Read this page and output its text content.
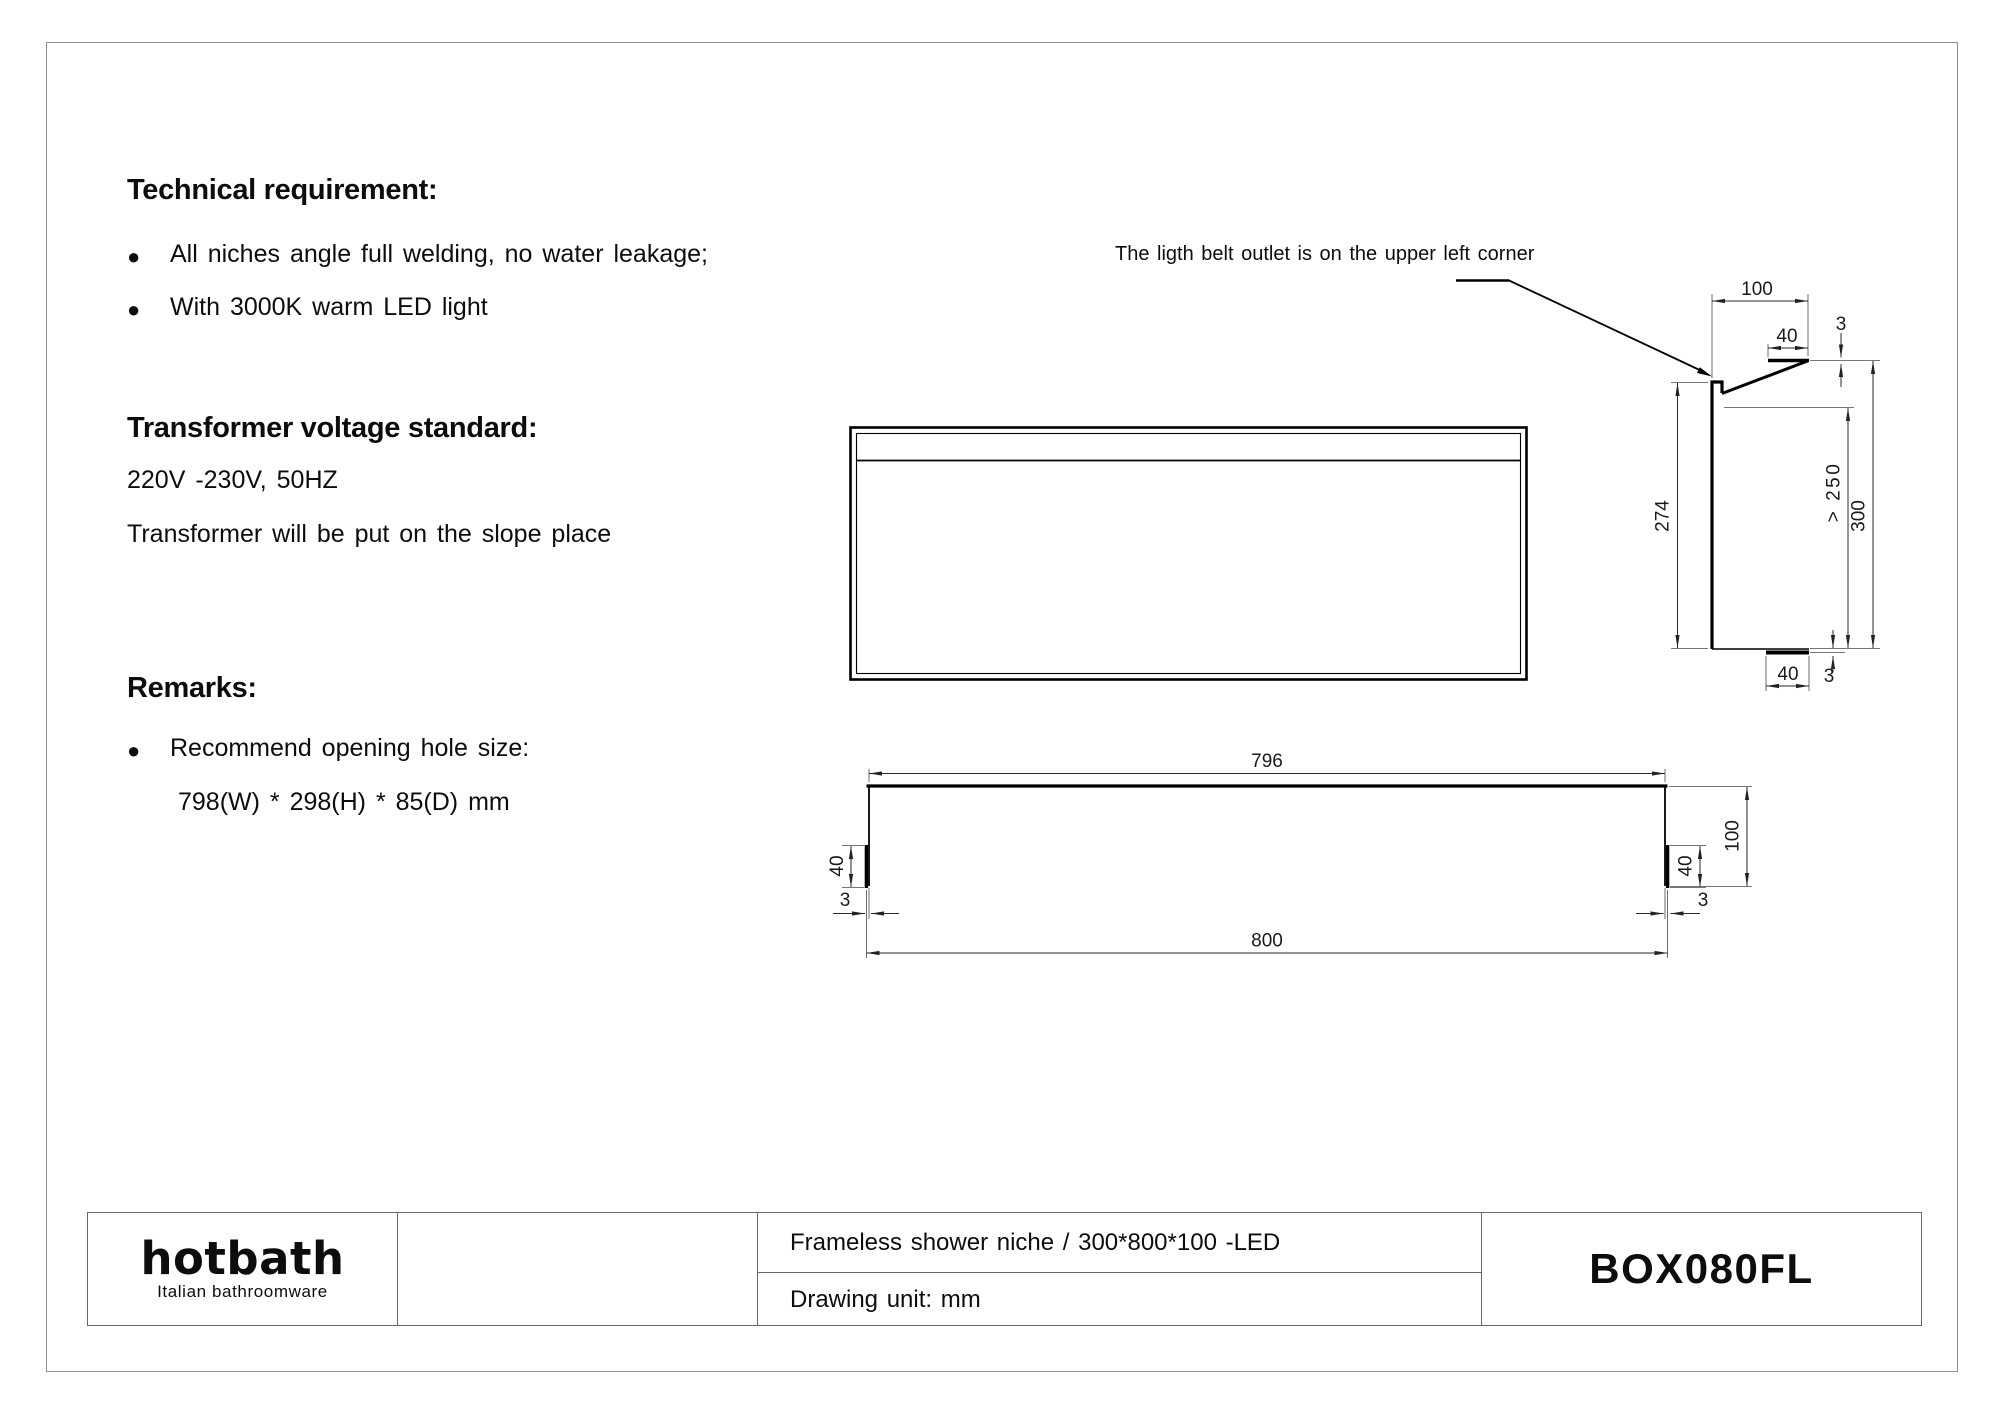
Technical requirement:
●	All niches angle full welding, no water leakage;
●	With 3000K warm LED light
Transformer voltage standard:
220V -230V, 50HZ
Transformer will be put on the slope place
Remarks:
●	Recommend opening hole size:
798(W) * 298(H) * 85(D) mm
The ligth belt outlet is on the upper left corner
100
40
3
274	> 250 300
40 3
796
800
100
40	40
3	3
hotbath
Italian bathroomware
Frameless shower niche / 300*800*100 -LED
Drawing unit: mm
BOX080FL
